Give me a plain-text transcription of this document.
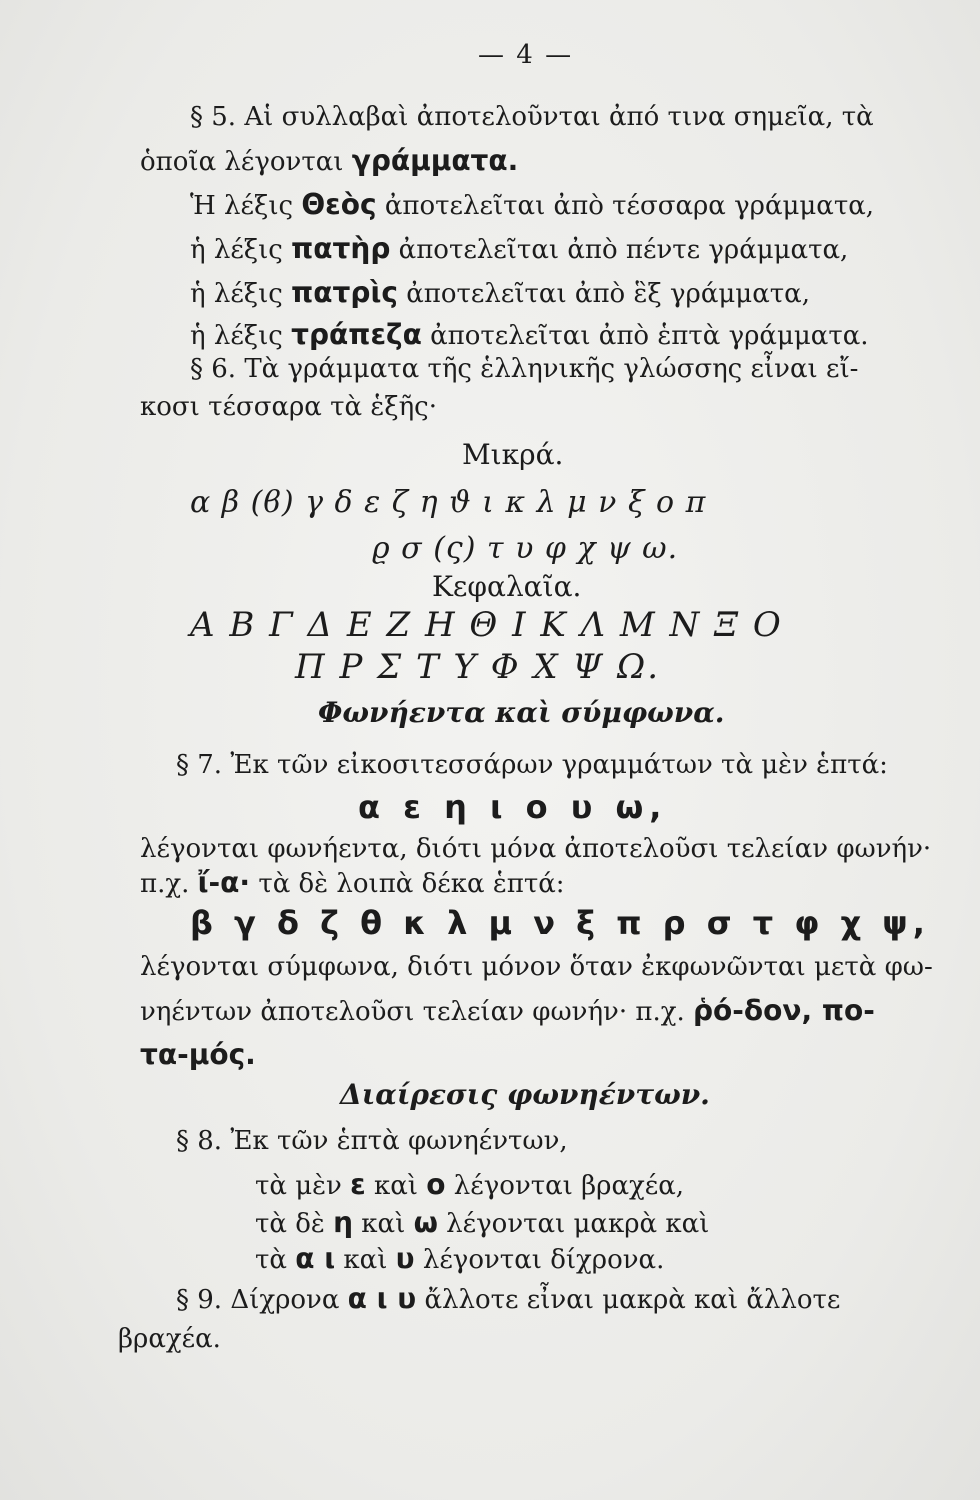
— 4 —
§ 5. Αἱ συλλαβαὶ ἀποτελοῦνται ἀπό τινα σημεῖα, τὰ
ὁποῖα λέγονται γράμματα.
Ἡ λέξις Θεὸς ἀποτελεῖται ἀπὸ τέσσαρα γράμματα,
ἡ λέξις πατὴρ ἀποτελεῖται ἀπὸ πέντε γράμματα,
ἡ λέξις πατρὶς ἀποτελεῖται ἀπὸ ἓξ γράμματα,
ἡ λέξις τράπεζα ἀποτελεῖται ἀπὸ ἑπτὰ γράμματα.
§ 6. Τὰ γράμματα τῆς ἑλληνικῆς γλώσσης εἶναι εἴ-
κοσι τέσσαρα τὰ ἑξῆς·
Μικρά.
α β (ϐ) γ δ ε ζ η ϑ ι κ λ μ ν ξ ο π
ϱ σ (ς) τ υ φ χ ψ ω.
Κεφαλαῖα.
Α Β Γ Δ Ε Ζ Η Θ Ι Κ Λ Μ Ν Ξ Ο
Π Ρ Σ Τ Υ Φ Χ Ψ Ω.
Φωνήεντα καὶ σύμφωνα.
§ 7. Ἐκ τῶν εἰκοσιτεσσάρων γραμμάτων τὰ μὲν ἑπτά:
α ε η ι ο υ ω,
λέγονται φωνήεντα, διότι μόνα ἀποτελοῦσι τελείαν φωνήν·
π.χ. ἴ-α· τὰ δὲ λοιπὰ δέκα ἑπτά:
β γ δ ζ θ κ λ μ ν ξ π ρ σ τ φ χ ψ,
λέγονται σύμφωνα, διότι μόνον ὅταν ἐκφωνῶνται μετὰ φω-
νηέντων ἀποτελοῦσι τελείαν φωνήν· π.χ. ῥό-δον, πο-
τα-μός.
Διαίρεσις φωνηέντων.
§ 8. Ἐκ τῶν ἑπτὰ φωνηέντων,
τὰ μὲν ε καὶ ο λέγονται βραχέα,
τὰ δὲ η καὶ ω λέγονται μακρὰ καὶ
τὰ α ι καὶ υ λέγονται δίχρονα.
§ 9. Δίχρονα α ι υ ἄλλοτε εἶναι μακρὰ καὶ ἄλλοτε
βραχέα.
